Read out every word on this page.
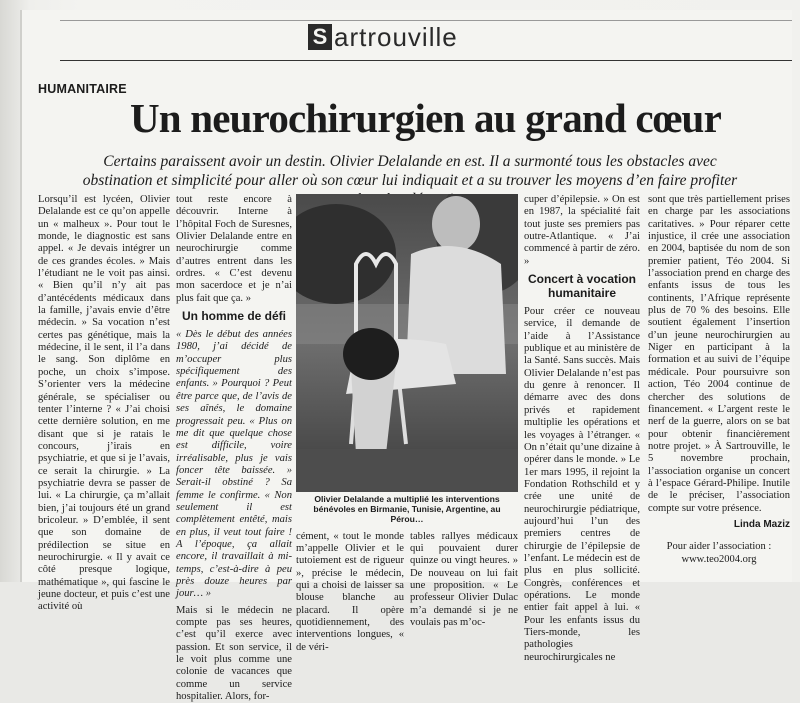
S artrouville
HUMANITAIRE
Un neurochirurgien au grand cœur
Certains paraissent avoir un destin. Olivier Delalande en est. Il a surmonté tous les obstacles avec obstination et simplicité pour aller où son cœur lui indiquait et a su trouver les moyens d’en faire profiter

Lorsqu’il est lycéen, Olivier Delalande est ce qu’on appelle un « malheux ». Pour tout le monde, le diagnostic est sans appel. « Je devais intégrer un de ces grandes écoles. » Mais l’étudiant ne le voit pas ainsi. « Bien qu’il n’y ait pas d’antécédents médicaux dans la famille, j’avais envie d’être médecin. » Sa vocation n’est certes pas génétique, mais la médecine, il le sent, il l’a dans le sang. Son diplôme en poche, un choix s’impose. S’orienter vers la médecine générale, se spécialiser ou tenter l’interne ? « J’ai choisi cette dernière solution, en me disant que si je ratais le concours, j’irais en psychiatrie, et que si je l’avais, ce serait la chirurgie. » La psychiatrie devra se passer de lui. « La chirurgie, ça m’allait bien, j’ai toujours été un grand bricoleur. » D’emblée, il sent que son domaine de prédilection se situe en neurochirurgie. « Il y avait ce côté presque logique, mathématique », qui fascine le jeune docteur, et puis c’est une activité où

tout reste encore à découvrir. Interne à l’hôpital Foch de Suresnes, Olivier Delalande entre en neurochirurgie comme d’autres entrent dans les ordres. « C’est devenu mon sacerdoce et je n’ai plus fait que ça. »

Un homme de défi

« Dès le début des années 1980, j’ai décidé de m’occuper plus spécifiquement des enfants. » Pourquoi ? Peut être parce que, de l’avis de ses aînés, le domaine progressait peu. « Plus on me dit que quelque chose est difficile, voire irréalisable, plus je vais foncer tête baissée. » Serait-il obstiné ? Sa femme le confirme. « Non seulement il est complètement entêté, mais en plus, il veut tout faire ! A l’époque, ça allait encore, il travaillait à mi-temps, c’est-à-dire à peu près douze heures par jour… »

Mais si le médecin ne compte pas ses heures, c’est qu’il exerce avec passion. Et son service, il le voit plus comme une colonie de vacances que comme un service hospitalier. Alors, for-

Olivier Delalande a multiplié les interventions bénévoles en Birmanie, Tunisie, Argentine, au Pérou…

cément, « tout le monde m’appelle Olivier et le tutoiement est de rigueur », précise le médecin, qui a choisi de laisser sa blouse blanche au placard. Il opère quotidiennement, des interventions longues, « de véri-

tables rallyes médicaux qui pouvaient durer quinze ou vingt heures. » De nouveau on lui fait une proposition. « Le professeur Olivier Dulac m’a demandé si je ne voulais pas m’oc-

cuper d’épilepsie. » On est en 1987, la spécialité fait tout juste ses premiers pas outre-Atlantique. « J’ai commencé à partir de zéro. »

Concert à vocation humanitaire

Pour créer ce nouveau service, il demande de l’aide à l’Assistance publique et au ministère de la Santé. Sans succès. Mais Olivier Delalande n’est pas du genre à renoncer. Il démarre avec des dons privés et rapidement multiplie les opérations et les voyages à l’étranger. « On n’était qu’une dizaine à opérer dans le monde. » Le 1er mars 1995, il rejoint la Fondation Rothschild et y crée une unité de neurochirurgie pédiatrique, aujourd’hui l’un des premiers centres de chirurgie de l’épilepsie de l’enfant. Le médecin est de plus en plus sollicité. Congrès, conférences et opérations. Le monde entier fait appel à lui. « Pour les enfants issus du Tiers-monde, les pathologies neurochirurgicales ne

sont que très partiellement prises en charge par les associations caritatives. » Pour réparer cette injustice, il crée une association en 2004, baptisée du nom de son premier patient, Téo 2004. Si l’association prend en charge des enfants issus de tous les continents, l’Afrique représente plus de 70 % des besoins. Elle soutient également l’insertion d’un jeune neurochirurgien au Niger en participant à la formation et au suivi de l’équipe médicale. Pour poursuivre son action, Téo 2004 continue de chercher des solutions de financement. « L’argent reste le nerf de la guerre, alors on se bat pour obtenir financièrement notre projet. » À Sartrouville, le 5 novembre prochain, l’association organise un concert à l’espace Gérard-Philipe. Inutile de le préciser, l’association compte sur votre présence.

Linda Maziz
Pour aider l’association :
www.teo2004.org
